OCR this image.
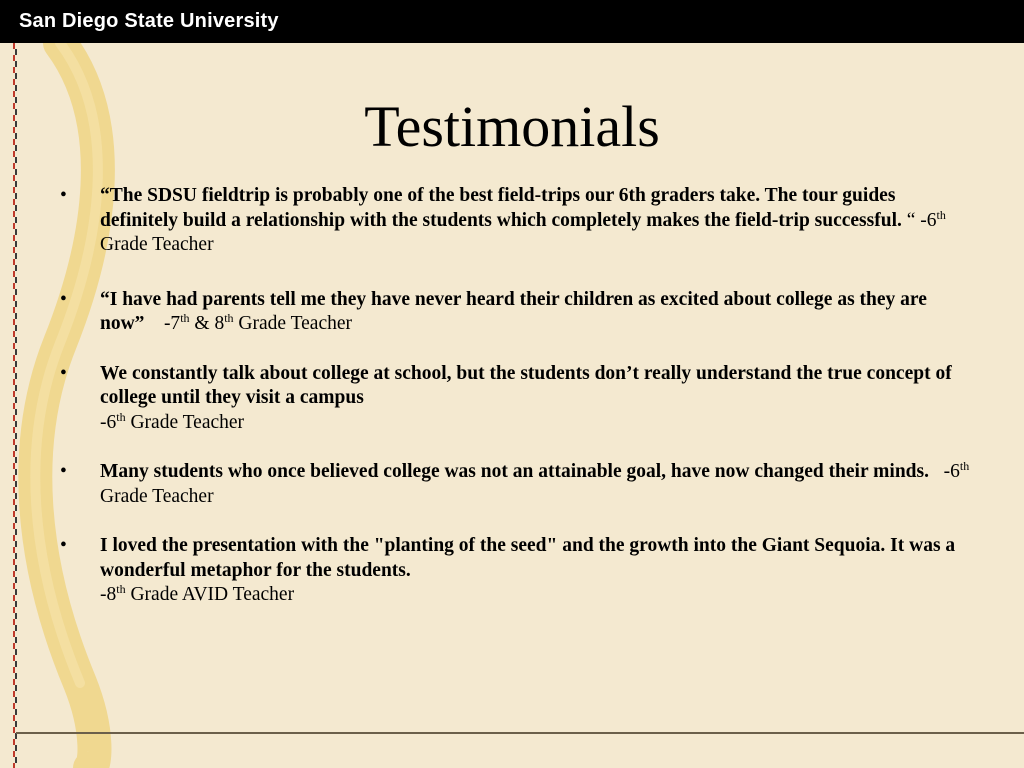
San Diego State University
Testimonials
• “The SDSU fieldtrip is probably one of the best field-trips our 6th graders take. The tour guides definitely build a relationship with the students which completely makes the field-trip successful. “ -6th Grade Teacher
• “I have had parents tell me they have never heard their children as excited about college as they are now” -7th & 8th Grade Teacher
• We constantly talk about college at school, but the students don’t really understand the true concept of college until they visit a campus
-6th Grade Teacher
• Many students who once believed college was not an attainable goal, have now changed their minds. -6th Grade Teacher
• I loved the presentation with the "planting of the seed" and the growth into the Giant Sequoia. It was a wonderful metaphor for the students.
-8th Grade AVID Teacher
